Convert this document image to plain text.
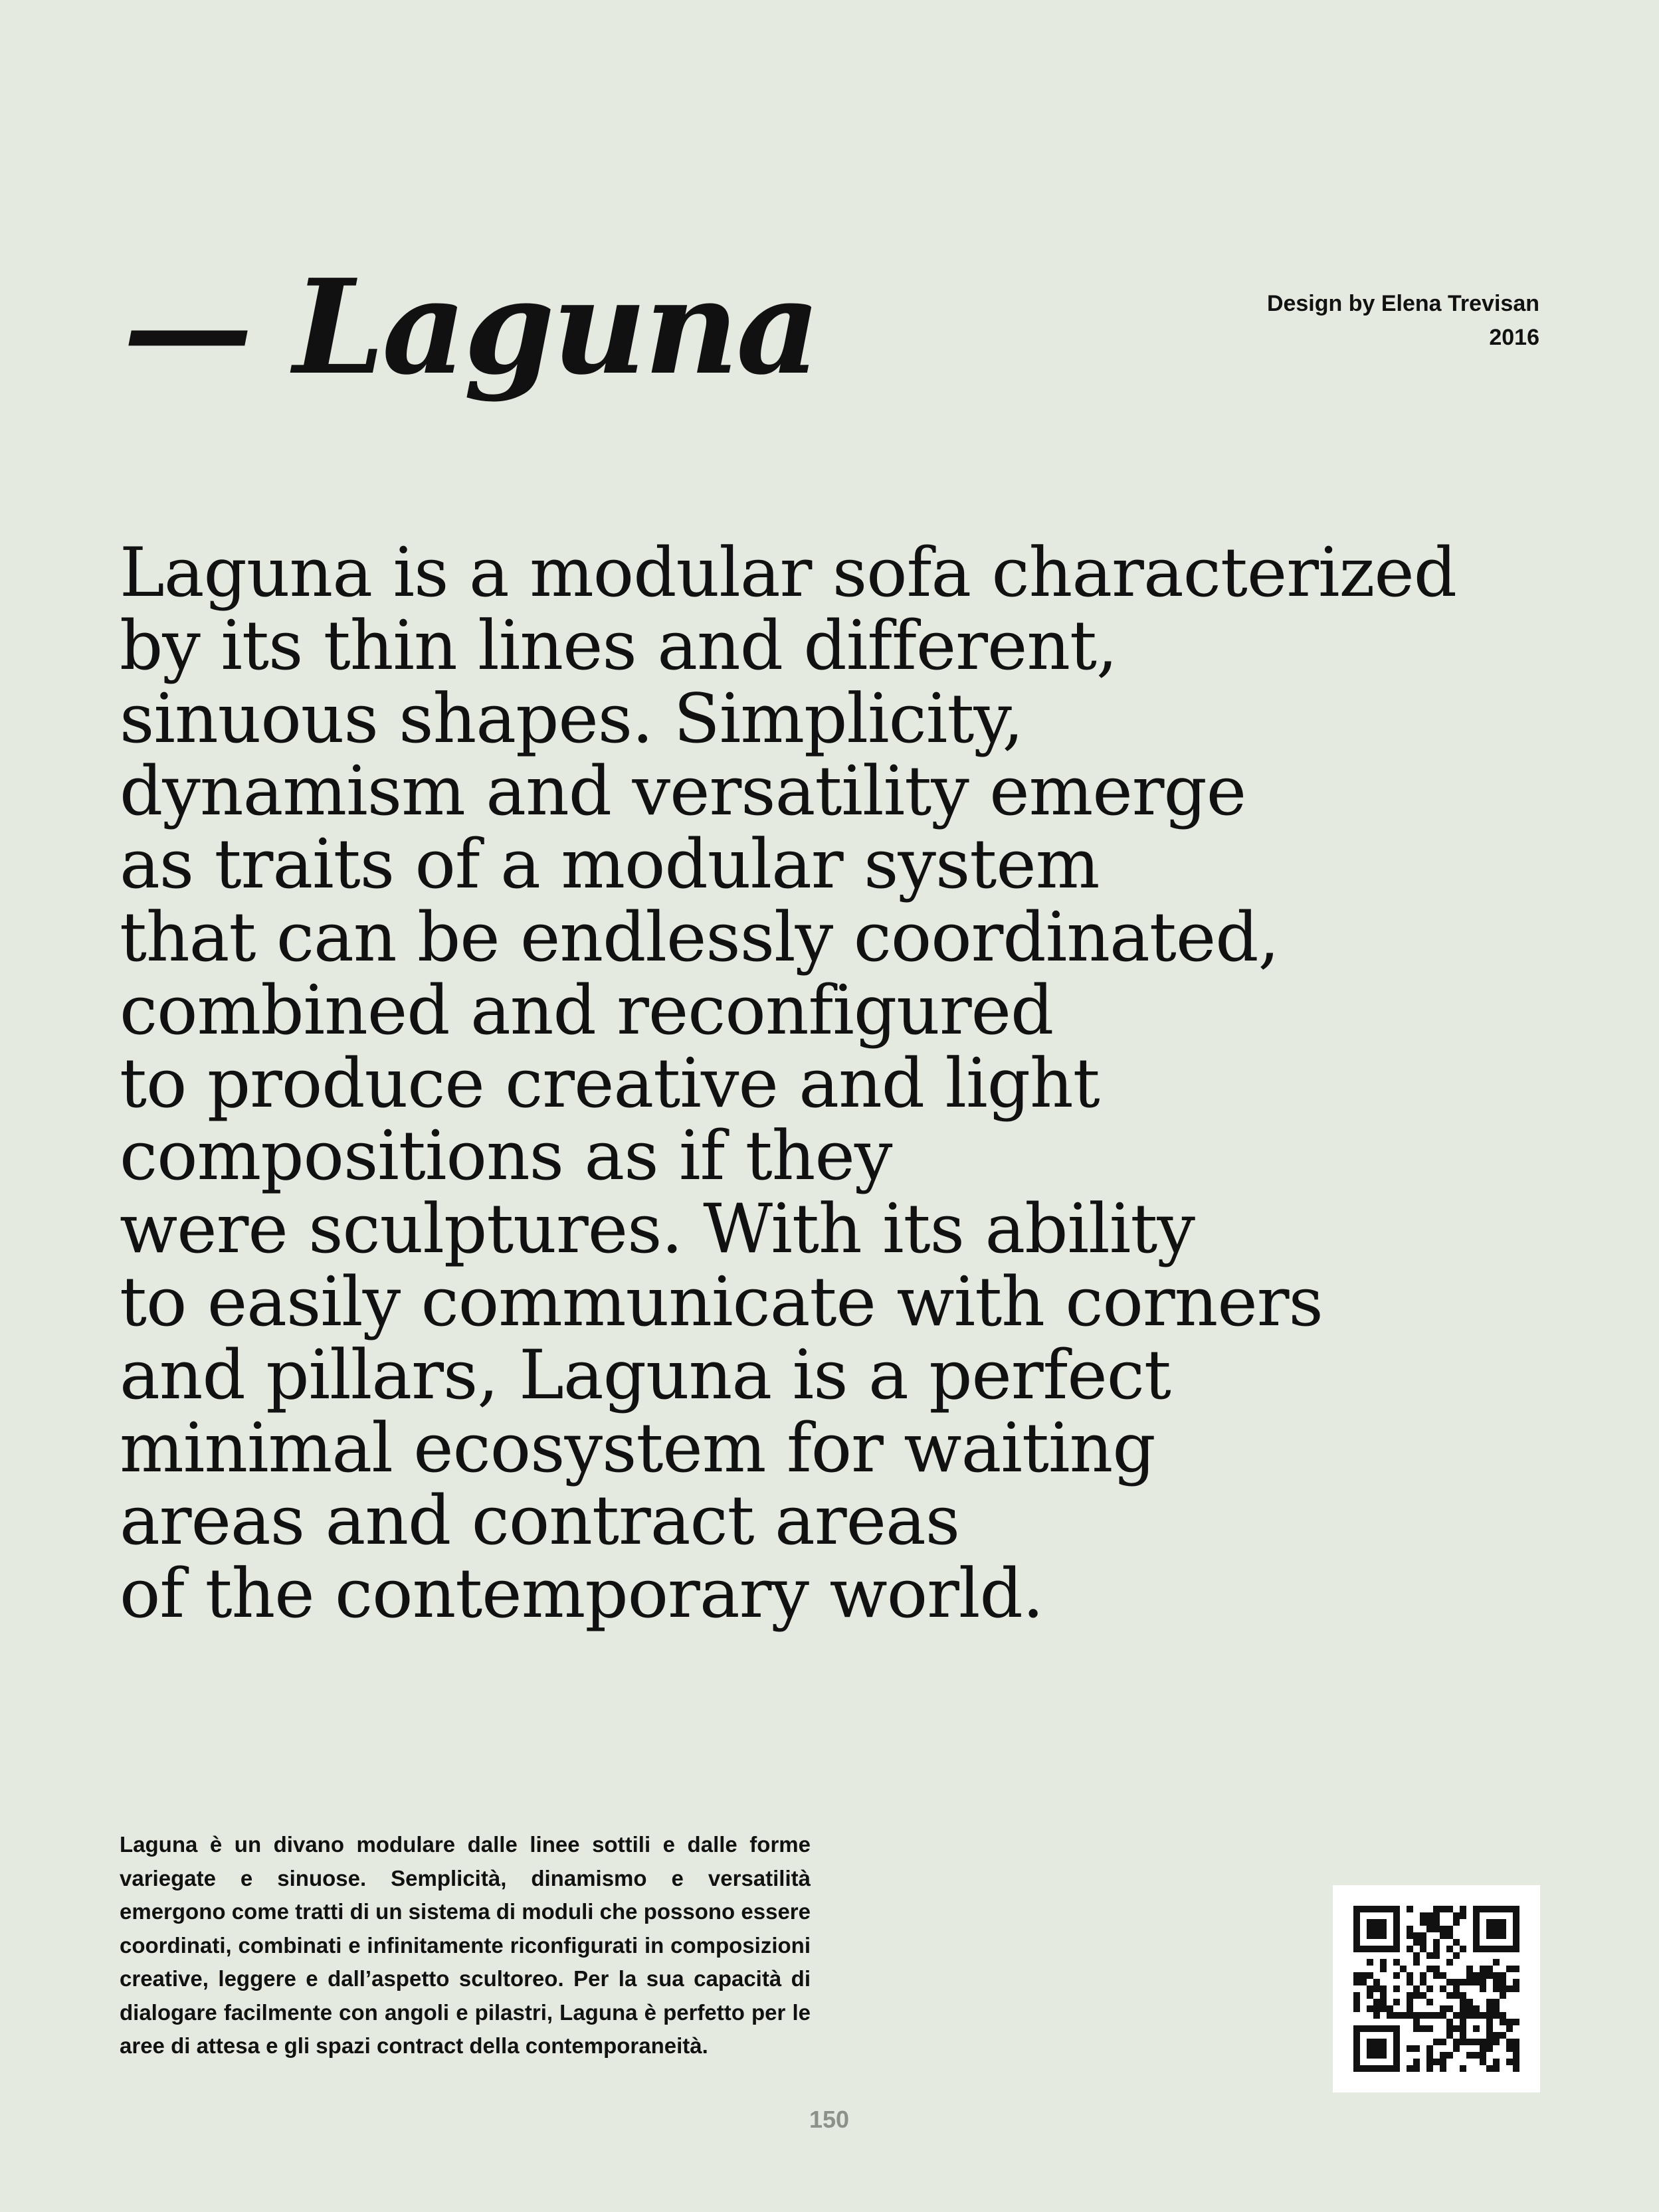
— Laguna	Design by Elena Trevisan
2016

Laguna is a modular sofa characterized
by its thin lines and different,
sinuous shapes. Simplicity,
dynamism and versatility emerge
as traits of a modular system
that can be endlessly coordinated,
combined and reconfigured
to produce creative and light
compositions as if they
were sculptures. With its ability
to easily communicate with corners
and pillars, Laguna is a perfect
minimal ecosystem for waiting
areas and contract areas
of the contemporary world.

Laguna è un divano modulare dalle linee sottili e dalle forme variegate e sinuose. Semplicità, dinamismo e versatilità emergono come tratti di un sistema di moduli che possono essere coordinati, combinati e infinitamente riconfigurati in composizioni creative, leggere e dall’aspetto scultoreo. Per la sua capacità di dialogare facilmente con angoli e pilastri, Laguna è perfetto per le aree di attesa e gli spazi contract della contemporaneità.

150
